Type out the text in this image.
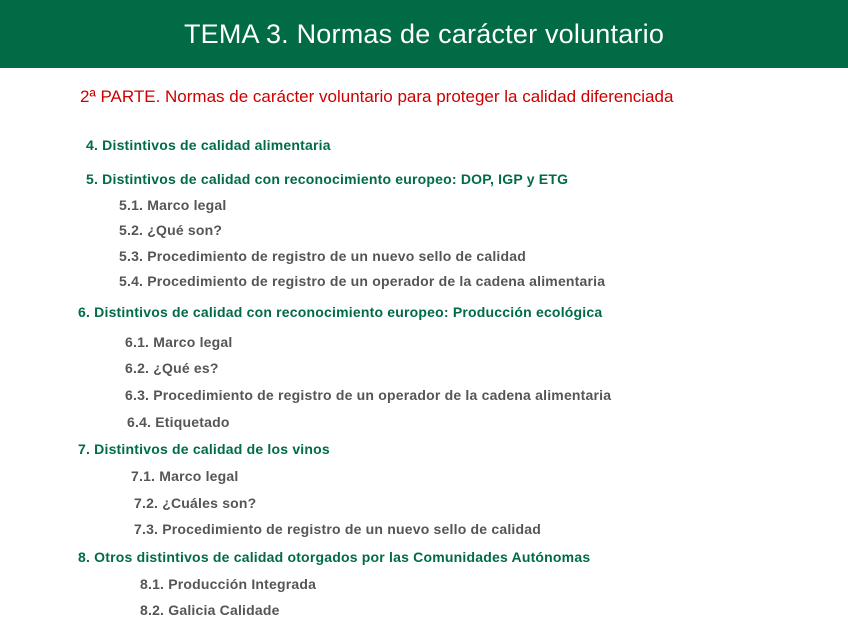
TEMA 3. Normas de carácter voluntario
2ª PARTE. Normas de carácter voluntario para proteger la calidad diferenciada
4. Distintivos de calidad alimentaria
5. Distintivos de calidad con reconocimiento europeo: DOP, IGP y ETG
5.1. Marco legal
5.2. ¿Qué son?
5.3. Procedimiento de registro de un nuevo sello de calidad
5.4. Procedimiento de registro de un operador de la cadena alimentaria
6. Distintivos de calidad con reconocimiento europeo: Producción ecológica
6.1. Marco legal
6.2. ¿Qué es?
6.3. Procedimiento de registro de un operador de la cadena alimentaria
6.4. Etiquetado
7. Distintivos de calidad de los vinos
7.1. Marco legal
7.2. ¿Cuáles son?
7.3. Procedimiento de registro de un nuevo sello de calidad
8. Otros distintivos de calidad otorgados por las Comunidades Autónomas
8.1. Producción Integrada
8.2. Galicia Calidade
